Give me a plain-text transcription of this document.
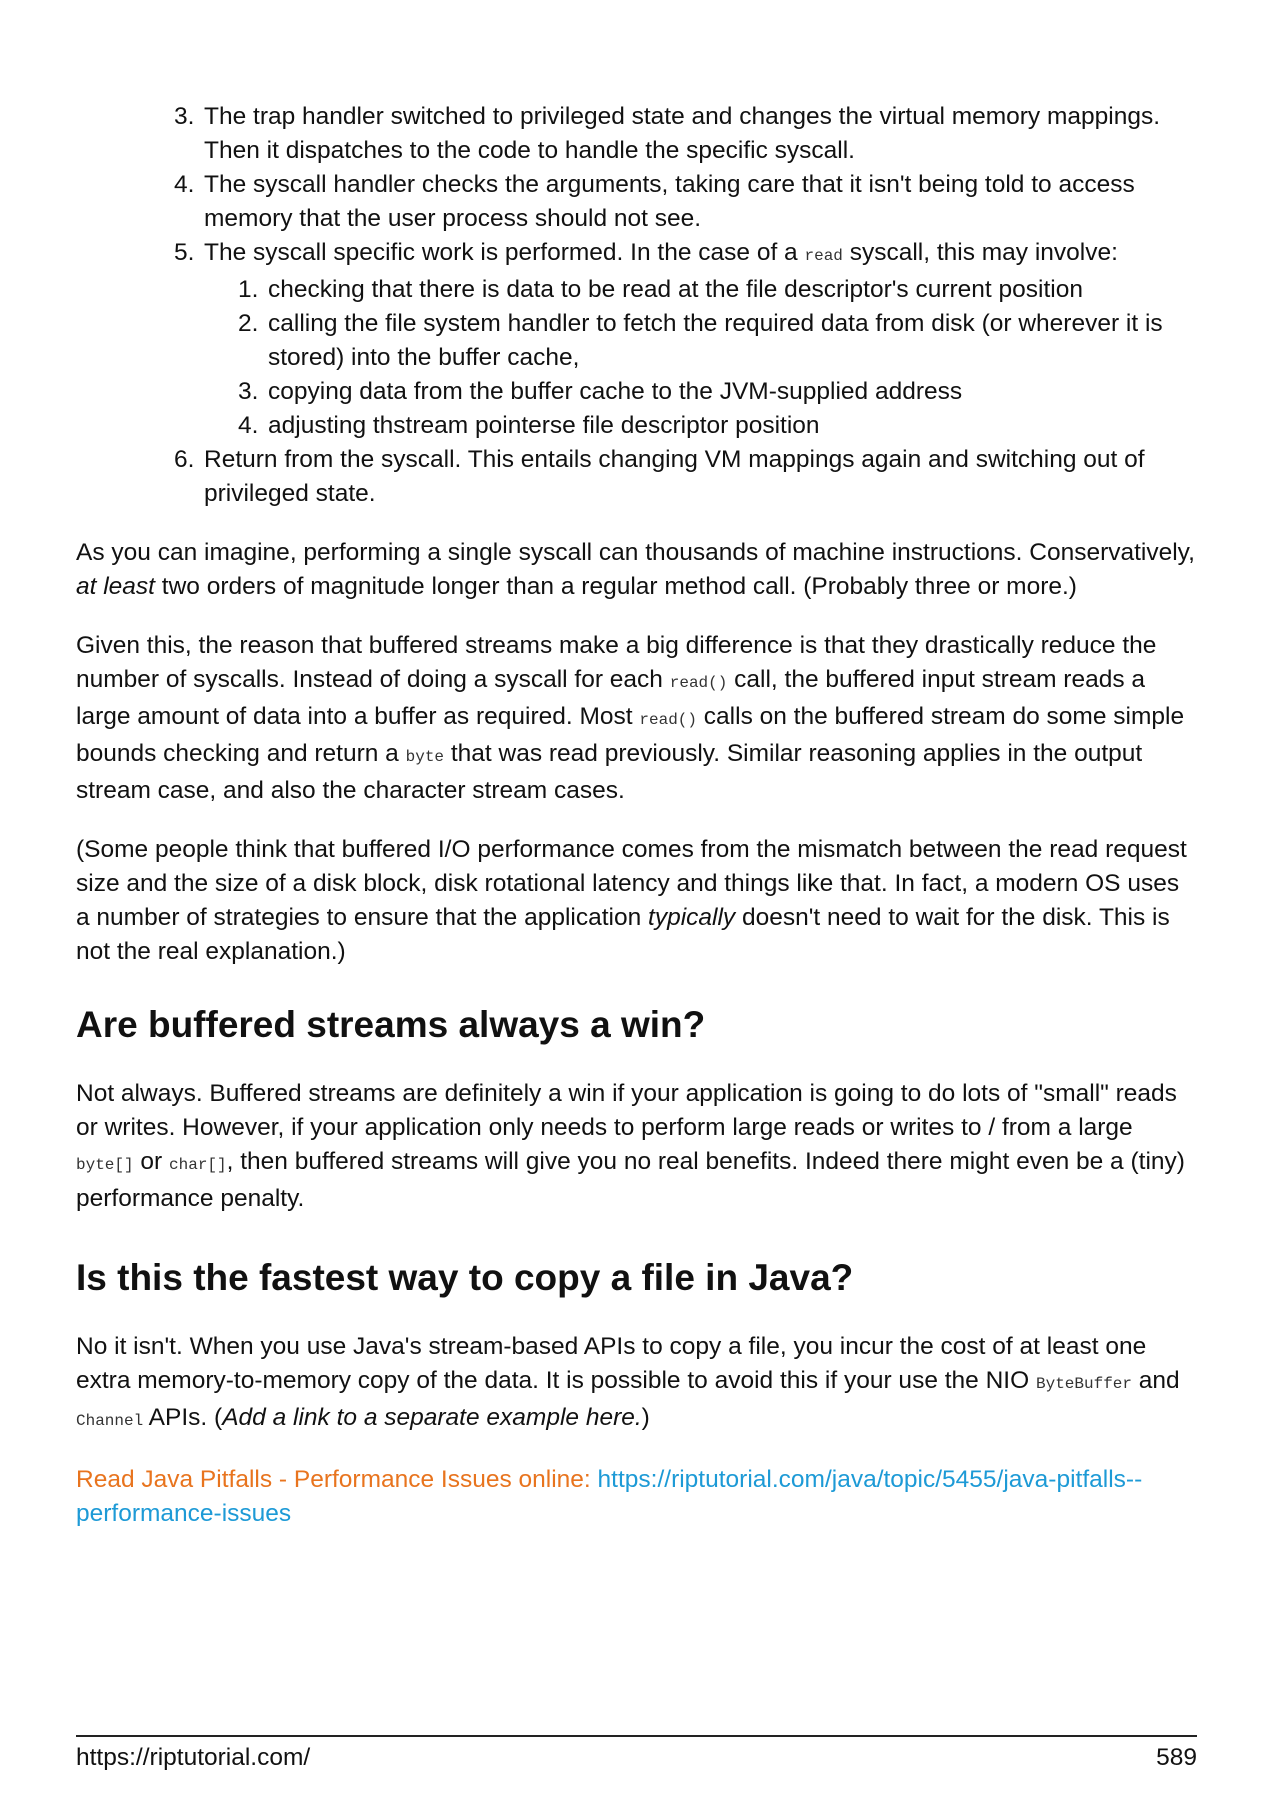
3. The trap handler switched to privileged state and changes the virtual memory mappings. Then it dispatches to the code to handle the specific syscall.
4. The syscall handler checks the arguments, taking care that it isn't being told to access memory that the user process should not see.
5. The syscall specific work is performed. In the case of a read syscall, this may involve:
1. checking that there is data to be read at the file descriptor's current position
2. calling the file system handler to fetch the required data from disk (or wherever it is stored) into the buffer cache,
3. copying data from the buffer cache to the JVM-supplied address
4. adjusting thstream pointerse file descriptor position
6. Return from the syscall. This entails changing VM mappings again and switching out of privileged state.

As you can imagine, performing a single syscall can thousands of machine instructions. Conservatively, at least two orders of magnitude longer than a regular method call. (Probably three or more.)

Given this, the reason that buffered streams make a big difference is that they drastically reduce the number of syscalls. Instead of doing a syscall for each read() call, the buffered input stream reads a large amount of data into a buffer as required. Most read() calls on the buffered stream do some simple bounds checking and return a byte that was read previously. Similar reasoning applies in the output stream case, and also the character stream cases.

(Some people think that buffered I/O performance comes from the mismatch between the read request size and the size of a disk block, disk rotational latency and things like that. In fact, a modern OS uses a number of strategies to ensure that the application typically doesn't need to wait for the disk. This is not the real explanation.)

Are buffered streams always a win?

Not always. Buffered streams are definitely a win if your application is going to do lots of "small" reads or writes. However, if your application only needs to perform large reads or writes to / from a large byte[] or char[], then buffered streams will give you no real benefits. Indeed there might even be a (tiny) performance penalty.

Is this the fastest way to copy a file in Java?

No it isn't. When you use Java's stream-based APIs to copy a file, you incur the cost of at least one extra memory-to-memory copy of the data. It is possible to avoid this if your use the NIO ByteBuffer and Channel APIs. (Add a link to a separate example here.)

Read Java Pitfalls - Performance Issues online: https://riptutorial.com/java/topic/5455/java-pitfalls--performance-issues

https://riptutorial.com/	589
